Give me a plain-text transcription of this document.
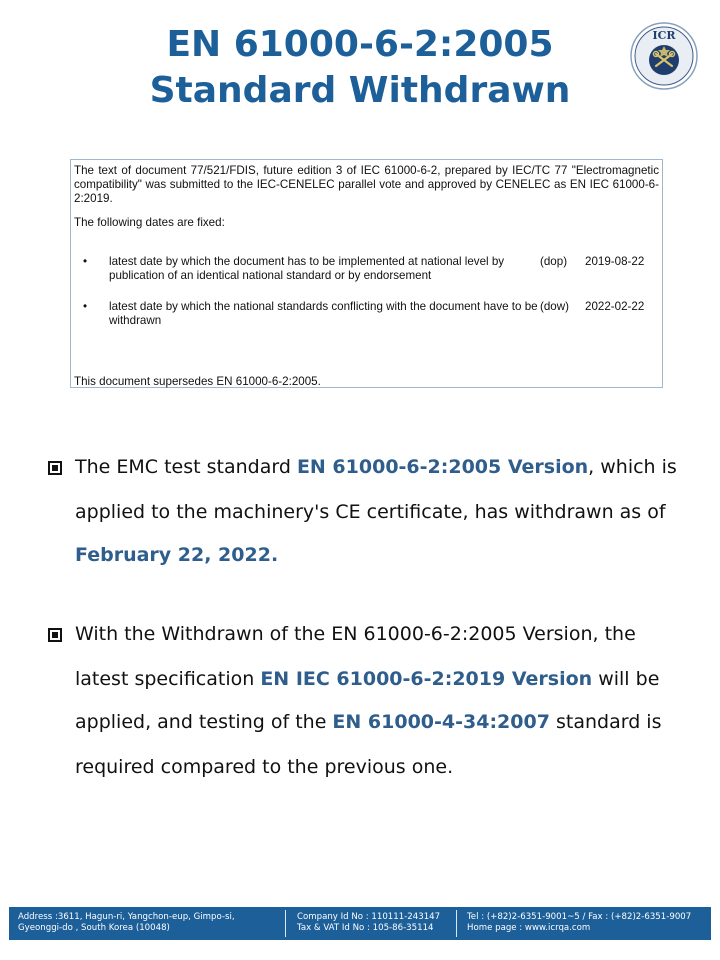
EN 61000-6-2:2005
Standard Withdrawn
ICR
The text of document 77/521/FDIS, future edition 3 of IEC 61000-6-2, prepared by IEC/TC 77 "Electromagnetic compatibility" was submitted to the IEC-CENELEC parallel vote and approved by CENELEC as EN IEC 61000-6-2:2019.
The following dates are fixed:
• latest date by which the document has to be implemented at national level by publication of an identical national standard or by endorsement
(dop) 2019-08-22
• latest date by which the national standards conflicting with the document have to be withdrawn
(dow) 2022-02-22
This document supersedes EN 61000-6-2:2005.
The EMC test standard EN 61000-6-2:2005 Version, which is
applied to the machinery's CE certificate, has withdrawn as of
February 22, 2022.
With the Withdrawn of the EN 61000-6-2:2005 Version, the
latest specification EN IEC 61000-6-2:2019 Version will be
applied, and testing of the EN 61000-4-34:2007 standard is
required compared to the previous one.
Address :3611, Hagun-ri, Yangchon-eup, Gimpo-si,
Gyeonggi-do , South Korea (10048)
Company Id No : 110111-243147
Tax & VAT Id No : 105-86-35114
Tel : (+82)2-6351-9001~5 / Fax : (+82)2-6351-9007
Home page : www.icrqa.com
